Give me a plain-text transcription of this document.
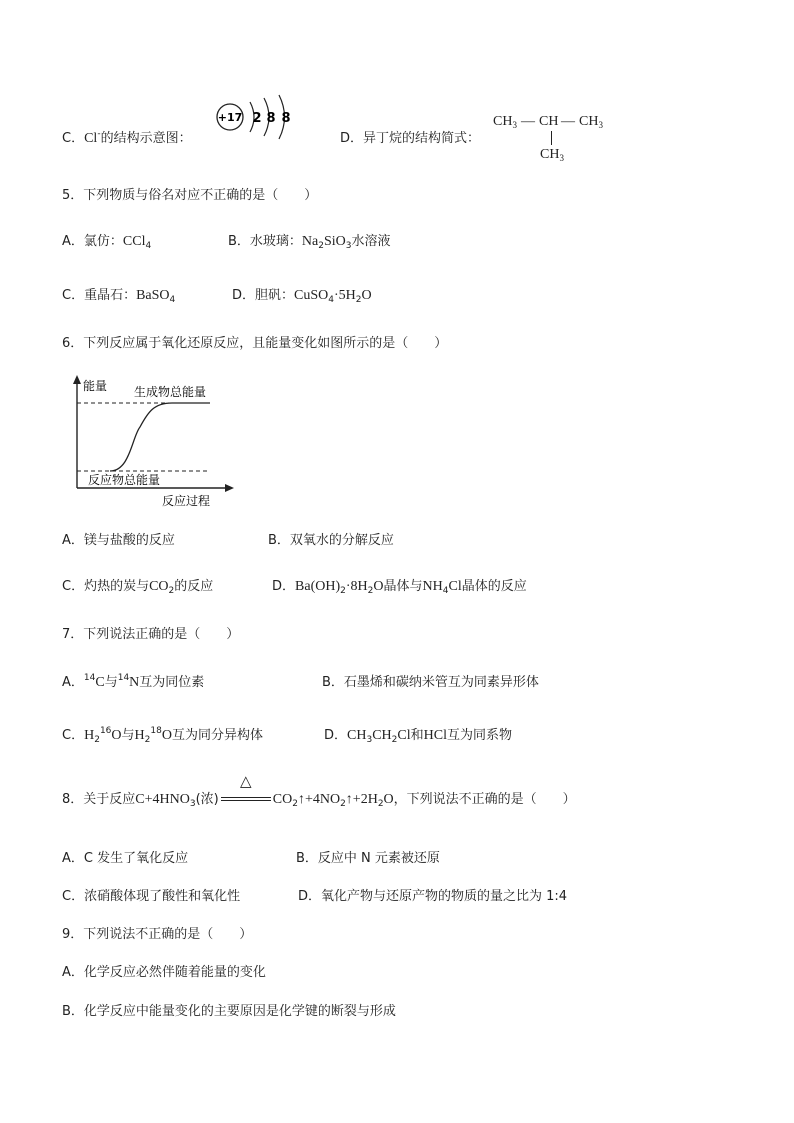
C．Cl-的结构示意图：
+17 2 8 8
D．异丁烷的结构简式：
$CH_3$ — CH — $CH_3$
$CH_3$
5．下列物质与俗名对应不正确的是（　　）
A．氯仿：CCl$_4$	B．水玻璃：$Na_2SiO_3$水溶液
C．重晶石：BaSO$_4$	D．胆矾：$CuSO_4\cdot 5H_2O$
6．下列反应属于氧化还原反应，且能量变化如图所示的是（　　）
能量 生成物总能量
反应物总能量
反应过程
A．镁与盐酸的反应	B．双氧水的分解反应
C．灼热的炭与$CO_2$的反应	D．$Ba(OH)_2\cdot 8H_2O$晶体与$NH_4Cl$晶体的反应
7．下列说法正确的是（　　）
A．$^{14}$C与$^{14}$N互为同位素	B．石墨烯和碳纳米管互为同素异形体
C．$H_2^{16}O$与$H_2^{18}O$互为同分异构体	D．$CH_3CH_2Cl$和HCl互为同系物
8．关于反应$C+4HNO_3$(浓)
△
$CO_2↑+4NO_2↑+2H_2O$，下列说法不正确的是（　　）
A．C 发生了氧化反应	B．反应中 N 元素被还原
C．浓硝酸体现了酸性和氧化性	D．氧化产物与还原产物的物质的量之比为 1:4
9．下列说法不正确的是（　　）
A．化学反应必然伴随着能量的变化
B．化学反应中能量变化的主要原因是化学键的断裂与形成
